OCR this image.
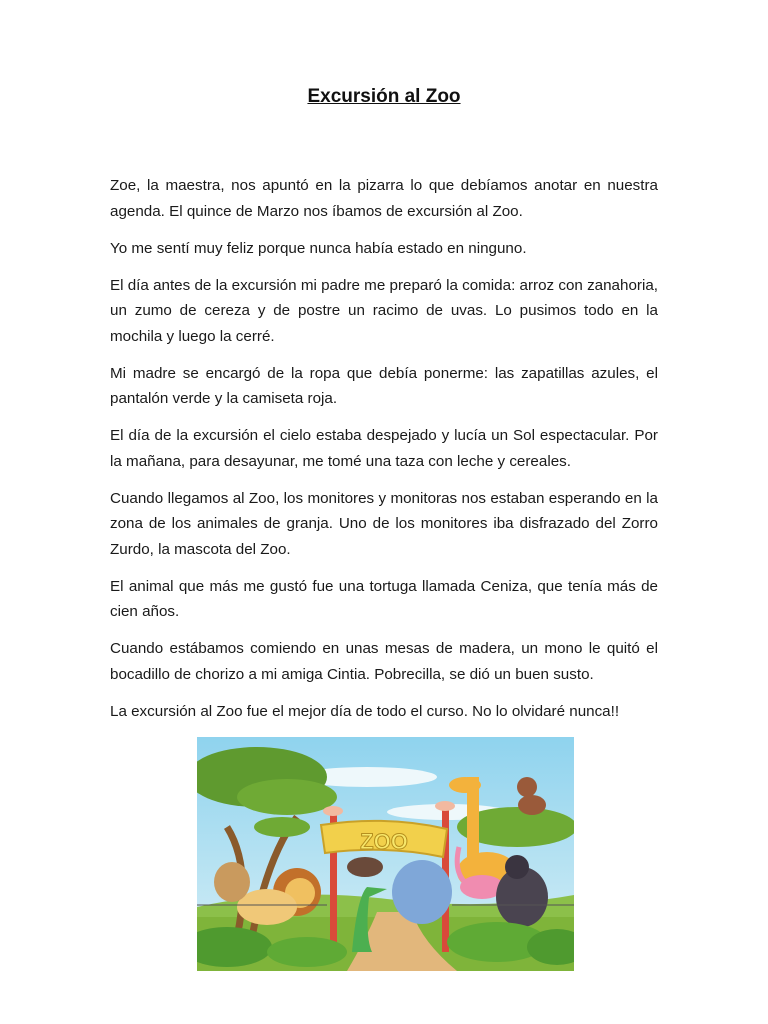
Excursión al Zoo

Zoe, la maestra, nos apuntó en la pizarra lo que debíamos anotar en nuestra agenda. El quince de Marzo nos íbamos de excursión al Zoo.

Yo me sentí muy feliz porque nunca había estado en ninguno.

El día antes de la excursión mi padre me preparó la comida: arroz con zanahoria, un zumo de cereza y de postre un racimo de uvas. Lo pusimos todo en la mochila y luego la cerré.

Mi madre se encargó de la ropa que debía ponerme: las zapatillas azules, el pantalón verde y la camiseta roja.

El día de la excursión el cielo estaba despejado y lucía un Sol espectacular. Por la mañana, para desayunar, me tomé una taza con leche y cereales.

Cuando llegamos al Zoo, los monitores y monitoras nos estaban esperando en la zona de los animales de granja. Uno de los monitores iba disfrazado del Zorro Zurdo, la mascota del Zoo.

El animal que más me gustó fue una tortuga llamada Ceniza, que tenía más de cien años.

Cuando estábamos comiendo en unas mesas de madera, un mono le quitó el bocadillo de chorizo a mi amiga Cintia. Pobrecilla, se dió un buen susto.

La excursión al Zoo fue el mejor día de todo el curso. No lo olvidaré nunca!!

ZOO
